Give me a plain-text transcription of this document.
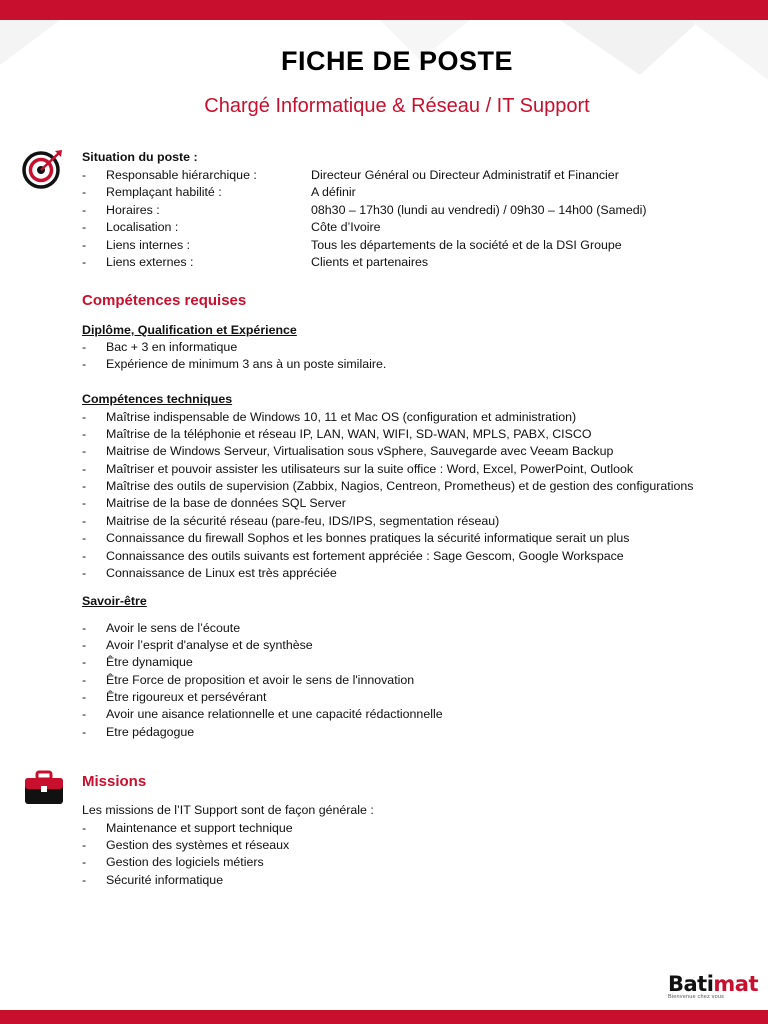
FICHE DE POSTE
Chargé Informatique & Réseau / IT Support
Situation du poste :
- Responsable hiérarchique :	Directeur Général ou Directeur Administratif et Financier
- Remplaçant habilité :	A définir
- Horaires :	08h30 – 17h30 (lundi au vendredi) / 09h30 – 14h00 (Samedi)
- Localisation :	Côte d’Ivoire
- Liens internes :	Tous les départements de la société et de la DSI Groupe
- Liens externes :	Clients et partenaires
Compétences requises
Diplôme, Qualification et Expérience
- Bac + 3 en informatique
- Expérience de minimum 3 ans à un poste similaire.
Compétences techniques
- Maîtrise indispensable de Windows 10, 11 et Mac OS (configuration et administration)
- Maîtrise de la téléphonie et réseau IP, LAN, WAN, WIFI, SD-WAN, MPLS, PABX, CISCO
- Maitrise de Windows Serveur, Virtualisation sous vSphere, Sauvegarde avec Veeam Backup
- Maîtriser et pouvoir assister les utilisateurs sur la suite office : Word, Excel, PowerPoint, Outlook
- Maîtrise des outils de supervision (Zabbix, Nagios, Centreon, Prometheus) et de gestion des configurations
- Maitrise de la base de données SQL Server
- Maitrise de la sécurité réseau (pare-feu, IDS/IPS, segmentation réseau)
- Connaissance du firewall Sophos et les bonnes pratiques la sécurité informatique serait un plus
- Connaissance des outils suivants est fortement appréciée : Sage Gescom, Google Workspace
- Connaissance de Linux est très appréciée
Savoir-être
- Avoir le sens de l’écoute
- Avoir l’esprit d'analyse et de synthèse
- Être dynamique
- Être Force de proposition et avoir le sens de l'innovation
- Être rigoureux et persévérant
- Avoir une aisance relationnelle et une capacité rédactionnelle
- Etre pédagogue
Missions
Les missions de l’IT Support sont de façon générale :
- Maintenance et support technique
- Gestion des systèmes et réseaux
- Gestion des logiciels métiers
- Sécurité informatique
Batimat
Bienvenue chez vous
